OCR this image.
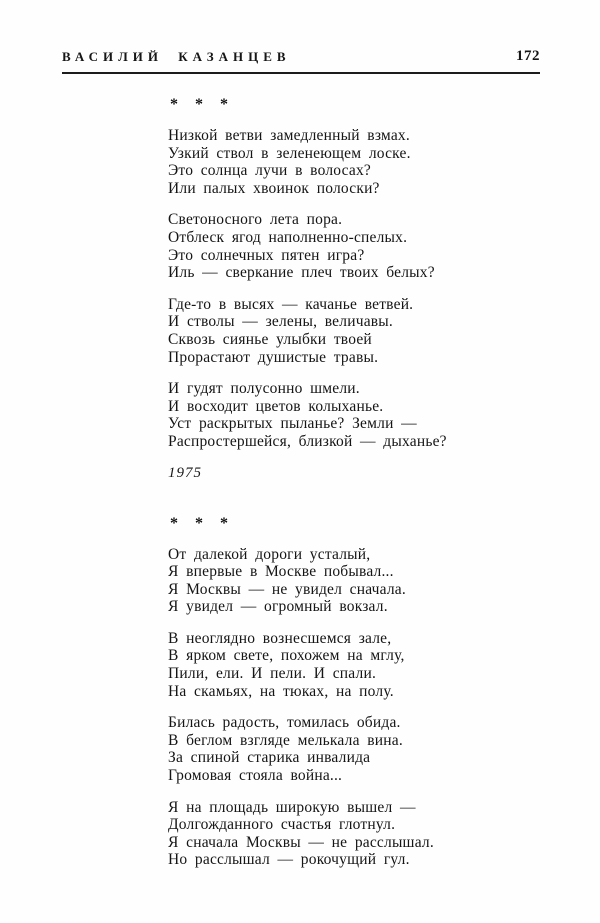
ВАСИЛИЙ КАЗАНЦЕВ	172
* * *
Низкой ветви замедленный взмах.
Узкий ствол в зеленеющем лоске.
Это солнца лучи в волосах?
Или палых хвоинок полоски?
Светоносного лета пора.
Отблеск ягод наполненно-спелых.
Это солнечных пятен игра?
Иль — сверкание плеч твоих белых?
Где-то в высях — качанье ветвей.
И стволы — зелены, величавы.
Сквозь сиянье улыбки твоей
Прорастают душистые травы.
И гудят полусонно шмели.
И восходит цветов колыханье.
Уст раскрытых пыланье? Земли —
Распростершейся, близкой — дыханье?
1975
* * *
От далекой дороги усталый,
Я впервые в Москве побывал...
Я Москвы — не увидел сначала.
Я увидел — огромный вокзал.
В неоглядно вознесшемся зале,
В ярком свете, похожем на мглу,
Пили, ели. И пели. И спали.
На скамьях, на тюках, на полу.
Билась радость, томилась обида.
В беглом взгляде мелькала вина.
За спиной старика инвалида
Громовая стояла война...
Я на площадь широкую вышел —
Долгожданного счастья глотнул.
Я сначала Москвы — не расслышал.
Но расслышал — рокочущий гул.
